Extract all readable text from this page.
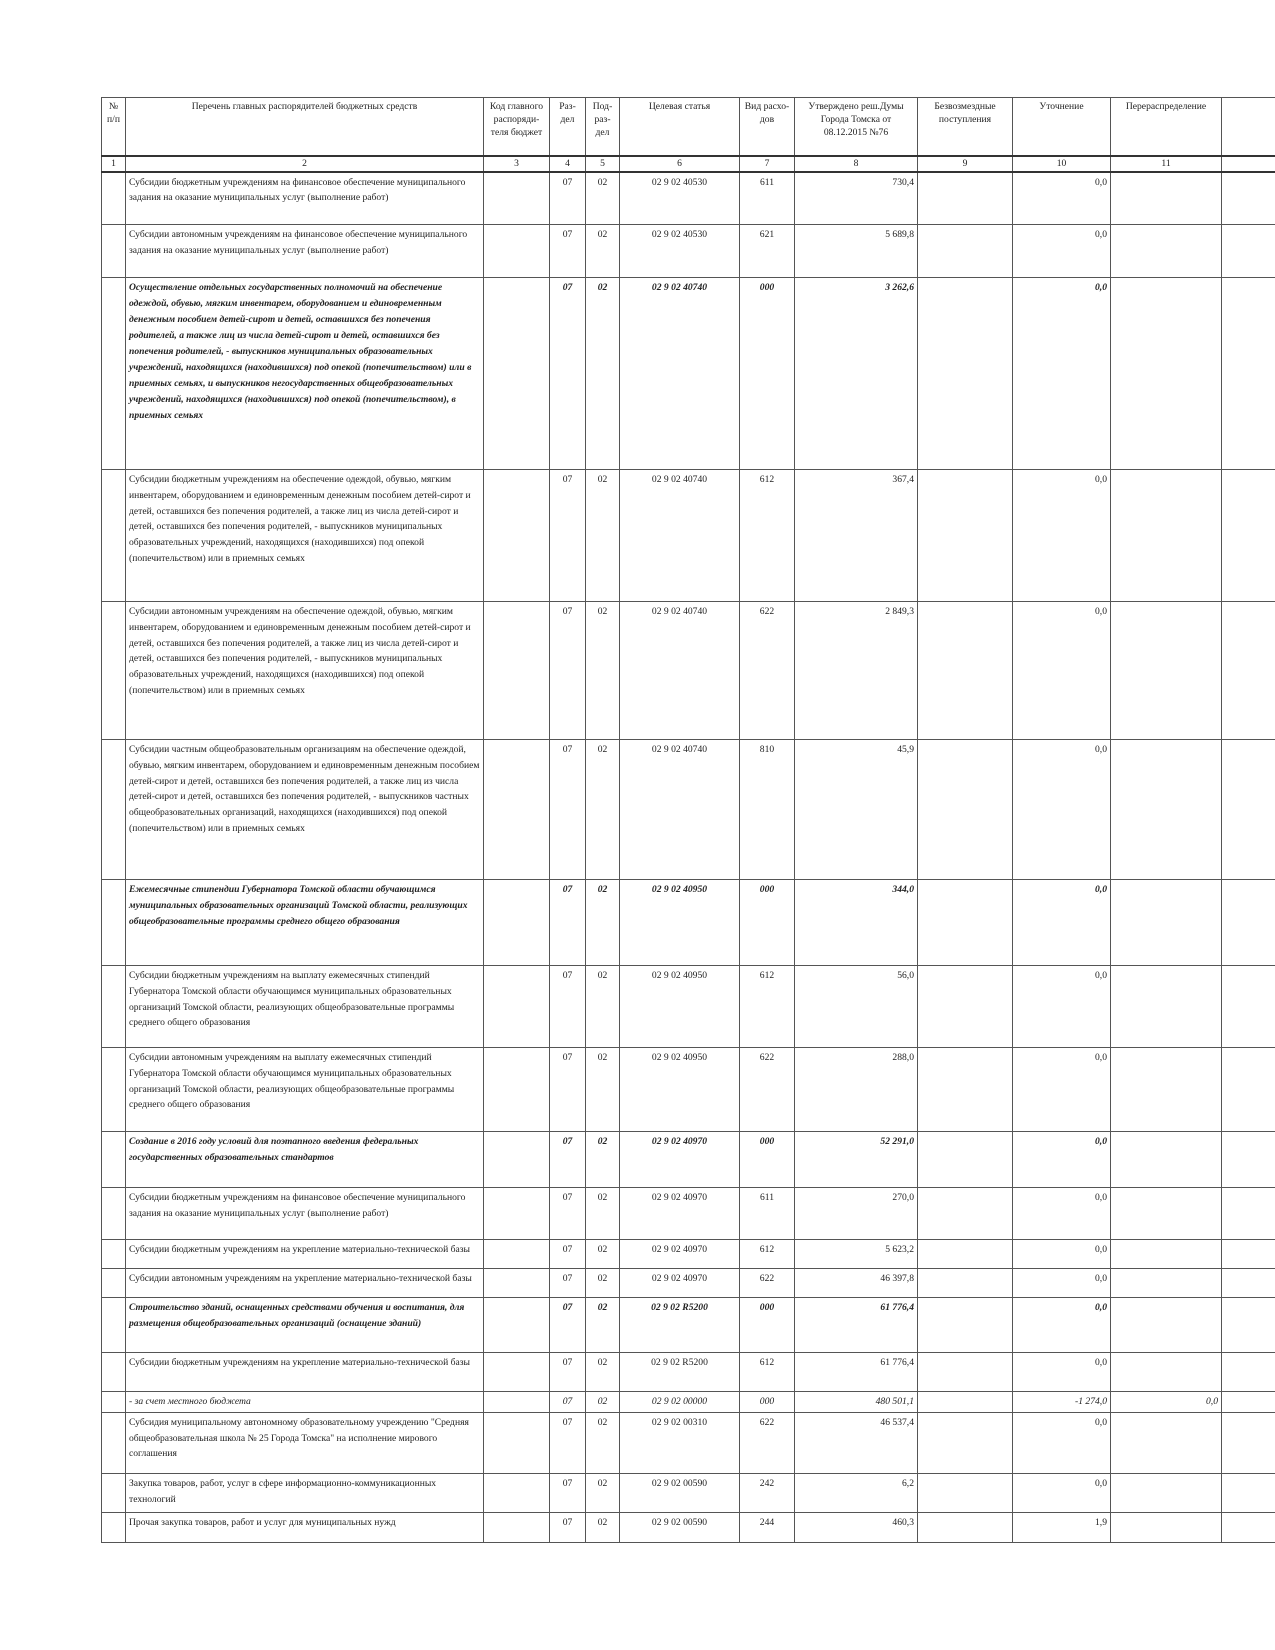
№ п/п	Перечень главных распорядителей бюджетных средств	Код главного распоряди-теля бюджет	Раз-дел	Под-раз-дел	Целевая статья	Вид расхо-дов	Утверждено реш.Думы Города Томска от 08.12.2015 №76	Безвозмездные поступления	Уточнение	Перераспределение	
1	2	3	4	5	6	7	8	9	10	11	
	Субсидии бюджетным учреждениям на финансовое обеспечение муниципального задания на оказание муниципальных услуг (выполнение работ)		07	02	02 9 02 40530	611	730,4		0,0		
	Субсидии автономным учреждениям на финансовое обеспечение муниципального задания на оказание муниципальных услуг (выполнение работ)		07	02	02 9 02 40530	621	5 689,8		0,0		
	Осуществление отдельных государственных полномочий на обеспечение одеждой, обувью, мягким инвентарем, оборудованием и единовременным денежным пособием детей-сирот и детей, оставшихся без попечения родителей, а также лиц из числа детей-сирот и детей, оставшихся без попечения родителей, - выпускников муниципальных образовательных учреждений, находящихся (находившихся) под опекой (попечительством) или в приемных семьях, и выпускников негосударственных общеобразовательных учреждений, находящихся (находившихся) под опекой (попечительством), в приемных семьях		07	02	02 9 02 40740	000	3 262,6		0,0		
	Субсидии бюджетным учреждениям на обеспечение одеждой, обувью, мягким инвентарем, оборудованием и единовременным денежным пособием детей-сирот и детей, оставшихся без попечения родителей, а также лиц из числа детей-сирот и детей, оставшихся без попечения родителей, - выпускников муниципальных образовательных учреждений, находящихся (находившихся) под опекой (попечительством) или в приемных семьях		07	02	02 9 02 40740	612	367,4		0,0		
	Субсидии автономным учреждениям на обеспечение одеждой, обувью, мягким инвентарем, оборудованием и единовременным денежным пособием детей-сирот и детей, оставшихся без попечения родителей, а также лиц из числа детей-сирот и детей, оставшихся без попечения родителей, - выпускников муниципальных образовательных учреждений, находящихся (находившихся) под опекой (попечительством) или в приемных семьях		07	02	02 9 02 40740	622	2 849,3		0,0		
	Субсидии частным общеобразовательным организациям на обеспечение одеждой, обувью, мягким инвентарем, оборудованием и единовременным денежным пособием детей-сирот и детей, оставшихся без попечения родителей, а также лиц из числа детей-сирот и детей, оставшихся без попечения родителей, - выпускников частных общеобразовательных организаций, находящихся (находившихся) под опекой (попечительством) или в приемных семьях		07	02	02 9 02 40740	810	45,9		0,0		
	Ежемесячные стипендии Губернатора Томской области обучающимся муниципальных образовательных организаций Томской области, реализующих общеобразовательные программы среднего общего образования		07	02	02 9 02 40950	000	344,0		0,0		
	Субсидии бюджетным учреждениям на выплату ежемесячных стипендий Губернатора Томской области обучающимся муниципальных образовательных организаций Томской области, реализующих общеобразовательные программы среднего общего образования		07	02	02 9 02 40950	612	56,0		0,0		
	Субсидии автономным учреждениям на выплату ежемесячных стипендий Губернатора Томской области обучающимся муниципальных образовательных организаций Томской области, реализующих общеобразовательные программы среднего общего образования		07	02	02 9 02 40950	622	288,0		0,0		
	Создание в 2016 году условий для поэтапного введения федеральных государственных образовательных стандартов		07	02	02 9 02 40970	000	52 291,0		0,0		
	Субсидии бюджетным учреждениям на финансовое обеспечение муниципального задания на оказание муниципальных услуг (выполнение работ)		07	02	02 9 02 40970	611	270,0		0,0		
	Субсидии бюджетным учреждениям на укрепление материально-технической базы		07	02	02 9 02 40970	612	5 623,2		0,0		
	Субсидии автономным учреждениям на укрепление материально-технической базы		07	02	02 9 02 40970	622	46 397,8		0,0		
	Строительство зданий, оснащенных средствами обучения и воспитания, для размещения общеобразовательных организаций (оснащение зданий)		07	02	02 9 02 R5200	000	61 776,4		0,0		
	Субсидии бюджетным учреждениям на укрепление материально-технической базы		07	02	02 9 02 R5200	612	61 776,4		0,0		
	- за счет местного бюджета		07	02	02 9 02 00000	000	480 501,1		-1 274,0	0,0	
	Субсидия муниципальному автономному образовательному учреждению "Средняя общеобразовательная школа № 25 Города Томска" на исполнение мирового соглашения		07	02	02 9 02 00310	622	46 537,4		0,0		
	Закупка товаров, работ, услуг в сфере информационно-коммуникационных технологий		07	02	02 9 02 00590	242	6,2		0,0		
	Прочая закупка товаров, работ и услуг для муниципальных нужд		07	02	02 9 02 00590	244	460,3		1,9		
